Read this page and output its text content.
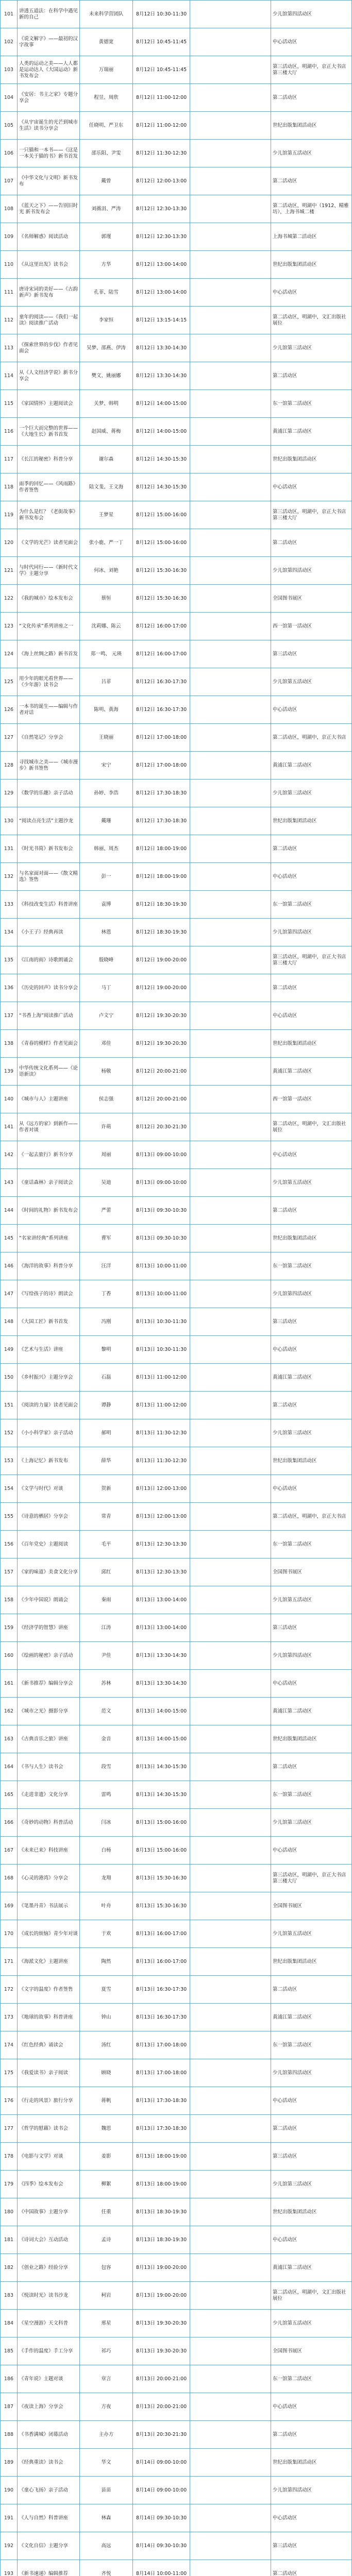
101	讲透五道法：在科学中遇见新的自己	未来科学营团队	8月12日 10:30-11:30		少儿馆第四活动区
102	《说文解字》——最初的汉字故事	黄德宽	8月12日 10:45-11:45		中心活动区
103	人类的运动之美——人人都是运动达人《大国运动》新书发布会	万瑞丽	8月12日 10:45-11:45		第三活动区，明湖中，京正大书店第三楼大厅
104	《安居：书主之家》专题分享会	程昱、周欣	8月12日 11:00-12:00		第二活动区
105	《从宇宙诞生的光芒到城市生活》读书分享会	任晓明、严卫东	8月12日 11:00-12:00		世纪出版集团活动区
106	一只猫和一本书——《这是一本关于猫的书》新书首发	邵乐阳、尹雯	8月12日 11:30-12:30		少儿馆第五活动区
107	《中华文化与文明》新书发布	戴曾	8月12日 12:00-13:00		第二活动区
108	《蓝天之下》——告别旧时光 新书发布会	刘薇涓、严涛	8月12日 12:30-13:30		第二活动区，明湖中（1912、精雅坊），上海书城二楼
109	《名师解惑》阅读活动	郭瑾	8月12日 12:30-13:30		上海书城第二活动区
110	《从这里出发》读书会	方华	8月12日 13:00-14:00		世纪出版集团活动区
111	唐诗宋词的美好——《古韵新声》新书发布	孔菲、陆雪	8月12日 13:00-14:00		中心活动区
112	童年的阅读——《我们一起读》阅读推广活动	李家恒	8月12日 13:15-14:15		第二活动区，明湖中，文汇出版社展位
113	《探索世界的步伐》作者见面会	吴梦、邵燕、伊涛	8月12日 13:30-14:30		少儿馆第三活动区
114	从《人文经济学说》新书分享会	樊文、姚丽娜	8月12日 13:30-14:30		第二活动区
115	《家国情怀》主题阅读会	关梦、韩明	8月12日 14:00-15:00		东一馆第二活动区
116	一个巨大而完整的世界——《大地生长》新书首发	赵国威、蒋梅	8月12日 14:00-15:00		黄浦江第二活动区
117	《长江的秘密》科普分享	谢尔森	8月12日 14:30-15:30		世纪出版集团活动区
118	雨季的回忆——《风雨路》作者签售	陆文斐、王文海	8月12日 14:30-15:30		中心活动区
119	为什么是红？《老街故事》新书发布会	王梦星	8月12日 15:00-16:00		第三活动区，明湖中，京正大书店第三楼大厅
120	《文学的光芒》读者见面会	张小鹿、严一丁	8月12日 15:00-16:00		第二活动区
121	与时代同行——《新时代文学》主题分享	何冰、刘艳	8月12日 15:30-16:30		少儿馆第四活动区
122	《我的城市》绘本发布会	蔡恒	8月12日 15:30-16:30		全国图书展区
123	“文化传承”系列讲座之一	沈莉娜、陈云	8月12日 16:00-17:00		西一馆第一活动区
124	《海上丝绸之路》新书首发	郑一鸣、 元瑛	8月12日 16:00-17:00		第三活动区
125	用少年的眼光看世界——《少年游》读书会	吕菲	8月12日 16:30-17:30		少儿馆第五活动区
126	一本书的诞生——编辑与作者对话	陈明、黄海	8月12日 16:30-17:30		中心活动区
127	《自然笔记》分享会	王晓丽	8月12日 17:00-18:00		第二活动区，明湖中，京正大书店
128	寻找城市之美——《城市漫步》新书签售	宋宁	8月12日 17:00-18:00		黄浦江第二活动区
129	《数学的乐趣》亲子活动	孙婷、李浩	8月12日 17:30-18:30		少儿馆第三活动区
130	“阅读点亮生活”主题沙龙	戴珊	8月12日 17:30-18:30		世纪出版集团活动区
131	《时光书简》新书发布会	韩丽、周杰	8月12日 18:00-19:00		第二活动区
132	与名家面对面——《散文精选》签售	彭一	8月12日 18:00-19:00		中心活动区
133	《科技改变生活》科普讲座	袁博	8月12日 18:30-19:30		东一馆第二活动区
134	《小王子》经典再读	林恩	8月12日 18:30-19:30		少儿馆第四活动区
135	《江南的雨》诗歌朗诵会	殷晓峰	8月12日 19:00-20:00		第三活动区，明湖中，京正大书店第三楼大厅
136	《历史的回声》读书分享会	马丁	8月12日 19:00-20:00		第二活动区
137	“书香上海”阅读推广活动	卢文宁	8月12日 19:30-20:30		中心活动区
138	《青春的模样》作者见面会	邓佳	8月12日 19:30-20:30		世纪出版集团活动区
139	中华传统文化系列——《论语新读》	杨敬	8月12日 20:00-21:00		黄浦江第二活动区
140	《城市与人》主题讲座	侯志强	8月12日 20:00-21:00		西一馆第一活动区
141	从《远方的家》到新作——作者对谈	许萌	8月12日 20:30-21:30		第二活动区，明湖中，文汇出版社展位
142	《一起去旅行》新书分享	周丽	8月13日 09:00-10:00		中心活动区
143	《童话森林》亲子阅读会	吴迪	8月13日 09:00-10:00		少儿馆第五活动区
144	《时间的礼物》新书发布会	严蕾	8月13日 09:30-10:30		第二活动区
145	“名家讲经典”系列讲座	曹军	8月13日 09:30-10:30		世纪出版集团活动区
146	《海洋的故事》科普分享	汪洋	8月13日 10:00-11:00		东一馆第二活动区
147	《写给孩子的诗》朗读会	丁香	8月13日 10:00-11:00		少儿馆第四活动区
148	《大国工匠》新书首发	冯刚	8月13日 10:30-11:30		第三活动区
149	《艺术与生活》讲座	黎明	8月13日 10:30-11:30		中心活动区
150	《乡村振兴》主题分享会	石磊	8月13日 11:00-12:00		黄浦江第二活动区
151	《阅读的力量》读者见面会	谭静	8月13日 11:00-12:00		第二活动区
152	《小小科学家》亲子活动	郝明	8月13日 11:30-12:30		少儿馆第三活动区
153	《上海记忆》新书发布	薛华	8月13日 11:30-12:30		世纪出版集团活动区
154	《文学与时代》对谈	贺新	8月13日 12:00-13:00		中心活动区
155	《诗意的栖居》分享会	常青	8月13日 12:00-13:00		第二活动区，明湖中，京正大书店
156	《百年党史》主题阅读	毛平	8月13日 12:30-13:30		东一馆第二活动区
157	《家的味道》美食文化分享	邱红	8月13日 12:30-13:30		全国图书展区
158	《少年中国说》朗诵会	秦雨	8月13日 13:00-14:00		少儿馆第五活动区
159	《经济学的智慧》讲座	江涛	8月13日 13:00-14:00		第三活动区
160	《绘画的秘密》亲子活动	尹佳	8月13日 13:30-14:30		少儿馆第四活动区
161	《新书推荐》编辑分享会	苏林	8月13日 13:30-14:30		中心活动区
162	《城市之光》摄影分享	范文	8月13日 14:00-15:00		黄浦江第二活动区
163	《古典音乐之旅》讲座	金音	8月13日 14:00-15:00		世纪出版集团活动区
164	《书与人生》读书会	段雪	8月13日 14:30-15:30		第二活动区
165	《走进非遗》文化分享	雷鸣	8月13日 14:30-15:30		东一馆第二活动区
166	《奇妙的动物》科普活动	闫冰	8月13日 15:00-16:00		少儿馆第三活动区
167	《未来已来》科技讲座	白杨	8月13日 15:00-16:00		中心活动区
168	《心灵的港湾》分享会	龙翔	8月13日 15:30-16:30		第三活动区，明湖中，京正大书店第三楼大厅
169	《笔墨丹青》书法展示	叶舟	8月13日 15:30-16:30		全国图书展区
170	《成长的烦恼》青少年对谈	于欢	8月13日 16:00-17:00		少儿馆第五活动区
171	《海派文化》主题讲座	陶然	8月13日 16:00-17:00		世纪出版集团活动区
172	《文字的温度》作者签售	夏雪	8月13日 16:30-17:30		第二活动区
173	《地球的故事》科普讲座	钟山	8月13日 16:30-17:30		黄浦江第二活动区
174	《红色经典》诵读会	汤红	8月13日 17:00-18:00		东一馆第二活动区
175	《我爱读书》亲子阅读	顾晓	8月13日 17:00-18:00		少儿馆第四活动区
176	《行走的风景》旅行分享	蒋帆	8月13日 17:30-18:30		中心活动区
177	《哲学的慰藉》读书会	魏思	8月13日 17:30-18:30		第二活动区
178	《电影与文学》对谈	姜影	8月13日 18:00-19:00		第三活动区
179	《四季》绘本发布会	柳絮	8月13日 18:00-19:00		少儿馆第三活动区
180	《中国故事》主题分享	任重	8月13日 18:30-19:30		世纪出版集团活动区
181	《诗词大会》互动活动	孟诗	8月13日 18:30-19:30		中心活动区
182	《创业之路》经验分享	包容	8月13日 19:00-20:00		黄浦江第二活动区
183	《悦读时光》读书沙龙	柯岩	8月13日 19:00-20:00		第二活动区，明湖中，文汇出版社展位
184	《星空漫游》天文科普	邢星	8月13日 19:30-20:30		少儿馆第五活动区
185	《手作的温度》手工分享	祁巧	8月13日 19:30-20:30		全国图书展区
186	《青年说》主题对谈	章言	8月13日 20:00-21:00		东一馆第二活动区
187	《夜读上海》分享会	方夜	8月13日 20:00-21:00		中心活动区
188	《书香满城》闭幕活动	主办方	8月13日 20:30-21:30		第二活动区
189	《经典重读》读书会	华文	8月14日 09:00-10:00		世纪出版集团活动区
190	《童心飞扬》亲子活动	苗苗	8月14日 09:00-10:00		少儿馆第四活动区
191	《人与自然》科普讲座	林森	8月14日 09:30-10:30		中心活动区
192	《文化自信》主题分享	高远	8月14日 09:30-10:30		第三活动区
193	《新书速递》编辑推荐	齐悦	8月14日 10:00-11:00		第二活动区
